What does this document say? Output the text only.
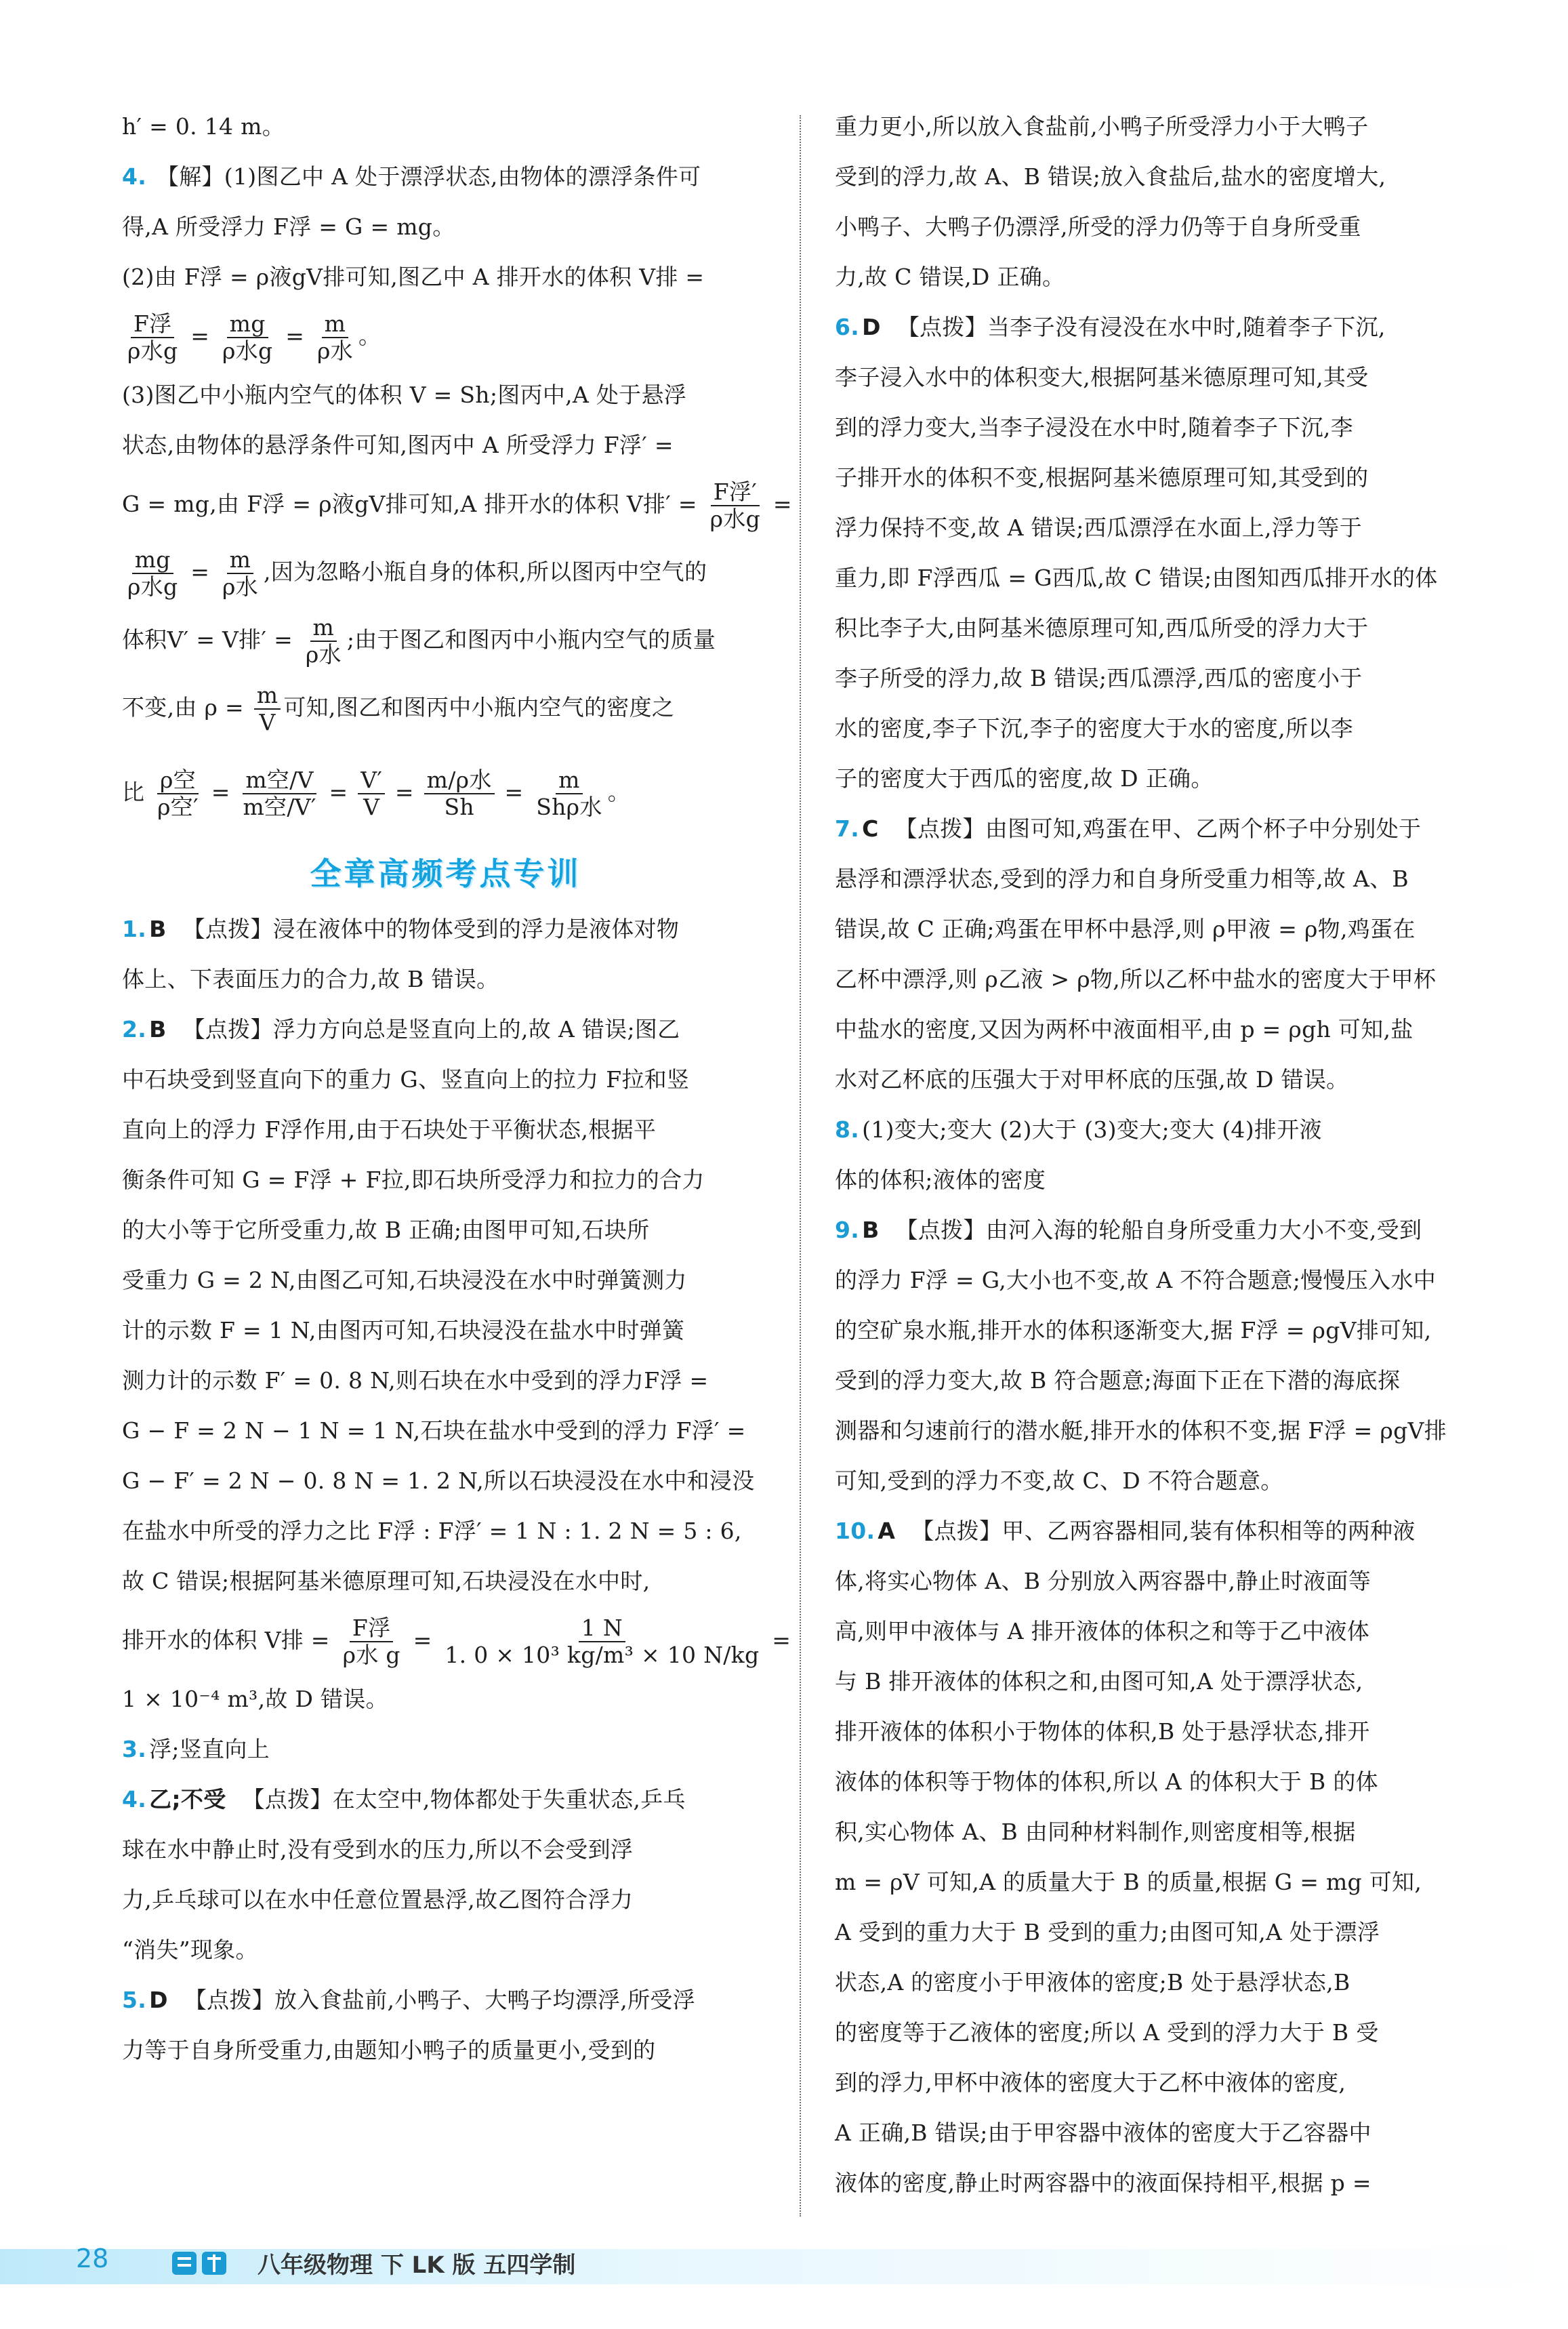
h′ = 0. 14 m。
4. 【解】(1)图乙中 A 处于漂浮状态,由物体的漂浮条件可
得,A 所受浮力 F浮 = G = mg。
(2)由 F浮 = ρ液gV排可知,图乙中 A 排开水的体积 V排 =
$\frac{\text{F浮}}{\text{ρ水g}} = \frac{mg}{\text{ρ水g}} = \frac{m}{\text{ρ水}}$ 。
(3)图乙中小瓶内空气的体积 V = Sh;图丙中,A 处于悬浮
状态,由物体的悬浮条件可知,图丙中 A 所受浮力 F浮′ =
G = mg,由 F浮 = ρ液gV排可知,A 排开水的体积 V排′ = $\frac{\text{F浮′}}{\text{ρ水g}}$ =
$\frac{mg}{\text{ρ水g}} = \frac{m}{\text{ρ水}}$ ,因为忽略小瓶自身的体积,所以图丙中空气的
体积V′ = V排′ = $\frac{m}{\text{ρ水}}$ ;由于图乙和图丙中小瓶内空气的质量
不变,由 $\rho = \frac{m}{V}$ 可知,图乙和图丙中小瓶内空气的密度之
比 $\frac{\text{ρ空}}{\text{ρ空′}} = \frac{\text{m空/V}}{\text{m空/V′}} = \frac{V'}{V} = \frac{\text{m/ρ水}}{Sh} = \frac{m}{\text{Shρ水}}$ 。
全章高频考点专训
1. B 【点拨】浸在液体中的物体受到的浮力是液体对物
体上、下表面压力的合力,故 B 错误。
2. B 【点拨】浮力方向总是竖直向上的,故 A 错误;图乙
中石块受到竖直向下的重力 G、竖直向上的拉力 F拉和竖
直向上的浮力 F浮作用,由于石块处于平衡状态,根据平
衡条件可知 G = F浮 + F拉,即石块所受浮力和拉力的合力
的大小等于它所受重力,故 B 正确;由图甲可知,石块所
受重力 G = 2 N,由图乙可知,石块浸没在水中时弹簧测力
计的示数 F = 1 N,由图丙可知,石块浸没在盐水中时弹簧
测力计的示数 F′ = 0. 8 N,则石块在水中受到的浮力F浮 =
G − F = 2 N − 1 N = 1 N,石块在盐水中受到的浮力 F浮′ =
G − F′ = 2 N − 0. 8 N = 1. 2 N,所以石块浸没在水中和浸没
在盐水中所受的浮力之比 F浮 : F浮′ = 1 N : 1. 2 N = 5 : 6,
故 C 错误;根据阿基米德原理可知,石块浸没在水中时,
排开水的体积 V排 = $\frac{\text{F浮}}{\text{ρ水 g}} = \frac{1 N}{\text{1. 0 × 10³ kg/m³ × 10 N/kg}}$ =
1 × 10⁻⁴ m³,故 D 错误。
3. 浮;竖直向上
4. 乙;不受 【点拨】在太空中,物体都处于失重状态,乒乓
球在水中静止时,没有受到水的压力,所以不会受到浮
力,乒乓球可以在水中任意位置悬浮,故乙图符合浮力
“消失”现象。
5. D 【点拨】放入食盐前,小鸭子、大鸭子均漂浮,所受浮
力等于自身所受重力,由题知小鸭子的质量更小,受到的
重力更小,所以放入食盐前,小鸭子所受浮力小于大鸭子
受到的浮力,故 A、B 错误;放入食盐后,盐水的密度增大,
小鸭子、大鸭子仍漂浮,所受的浮力仍等于自身所受重
力,故 C 错误,D 正确。
6. D 【点拨】当李子没有浸没在水中时,随着李子下沉,
李子浸入水中的体积变大,根据阿基米德原理可知,其受
到的浮力变大,当李子浸没在水中时,随着李子下沉,李
子排开水的体积不变,根据阿基米德原理可知,其受到的
浮力保持不变,故 A 错误;西瓜漂浮在水面上,浮力等于
重力,即 F浮西瓜 = G西瓜,故 C 错误;由图知西瓜排开水的体
积比李子大,由阿基米德原理可知,西瓜所受的浮力大于
李子所受的浮力,故 B 错误;西瓜漂浮,西瓜的密度小于
水的密度,李子下沉,李子的密度大于水的密度,所以李
子的密度大于西瓜的密度,故 D 正确。
7. C 【点拨】由图可知,鸡蛋在甲、乙两个杯子中分别处于
悬浮和漂浮状态,受到的浮力和自身所受重力相等,故 A、B
错误,故 C 正确;鸡蛋在甲杯中悬浮,则 ρ甲液 = ρ物,鸡蛋在
乙杯中漂浮,则 ρ乙液 > ρ物,所以乙杯中盐水的密度大于甲杯
中盐水的密度,又因为两杯中液面相平,由 p = ρgh 可知,盐
水对乙杯底的压强大于对甲杯底的压强,故 D 错误。
8. (1)变大;变大 (2)大于 (3)变大;变大 (4)排开液
体的体积;液体的密度
9. B 【点拨】由河入海的轮船自身所受重力大小不变,受到
的浮力 F浮 = G,大小也不变,故 A 不符合题意;慢慢压入水中
的空矿泉水瓶,排开水的体积逐渐变大,据 F浮 = ρgV排可知,
受到的浮力变大,故 B 符合题意;海面下正在下潜的海底探
测器和匀速前行的潜水艇,排开水的体积不变,据 F浮 = ρgV排
可知,受到的浮力不变,故 C、D 不符合题意。
10. A 【点拨】甲、乙两容器相同,装有体积相等的两种液
体,将实心物体 A、B 分别放入两容器中,静止时液面等
高,则甲中液体与 A 排开液体的体积之和等于乙中液体
与 B 排开液体的体积之和,由图可知,A 处于漂浮状态,
排开液体的体积小于物体的体积,B 处于悬浮状态,排开
液体的体积等于物体的体积,所以 A 的体积大于 B 的体
积,实心物体 A、B 由同种材料制作,则密度相等,根据
m = ρV 可知,A 的质量大于 B 的质量,根据 G = mg 可知,
A 受到的重力大于 B 受到的重力;由图可知,A 处于漂浮
状态,A 的密度小于甲液体的密度;B 处于悬浮状态,B
的密度等于乙液体的密度;所以 A 受到的浮力大于 B 受
到的浮力,甲杯中液体的密度大于乙杯中液体的密度,
A 正确,B 错误;由于甲容器中液体的密度大于乙容器中
液体的密度,静止时两容器中的液面保持相平,根据 p =
28	八年级物理 下 LK 版 五四学制
